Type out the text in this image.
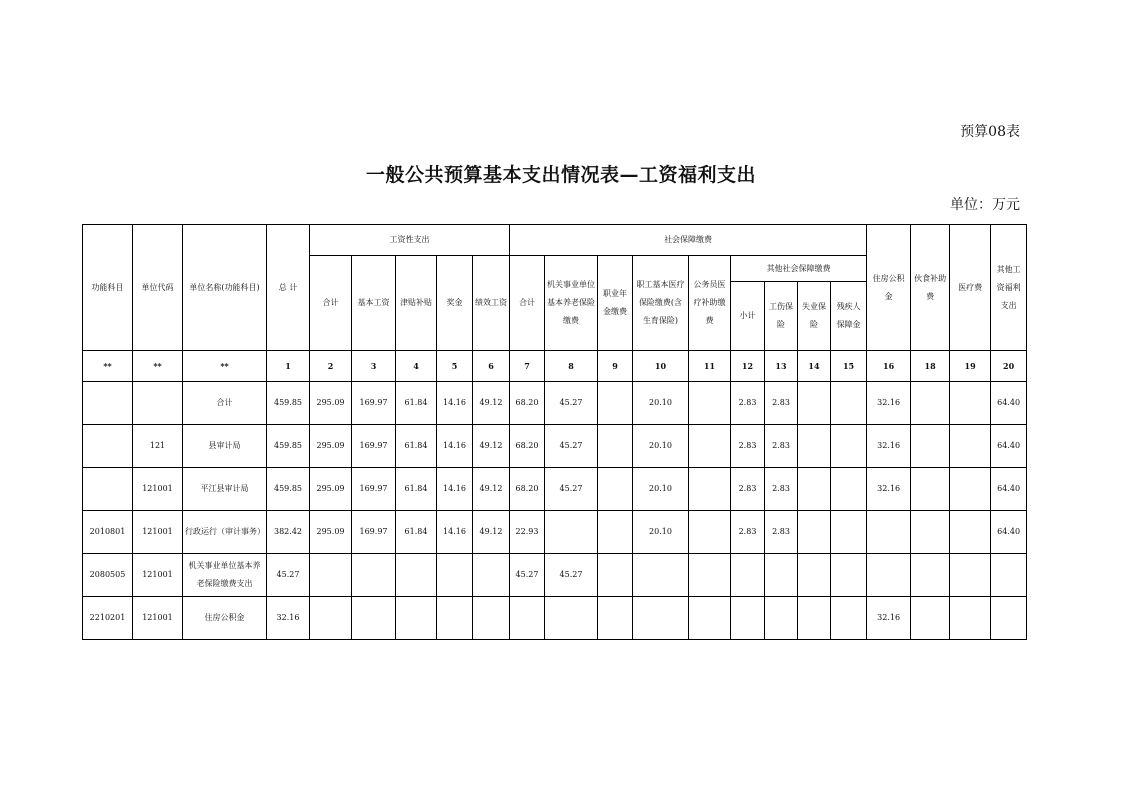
预算08表
一般公共预算基本支出情况表—工资福利支出
单位：万元
功能科目	单位代码	单位名称(功能科目)	总 计	工资性支出					社会保障缴费									住房公积金	伙食补助费	医疗费	其他工资福利支出
				合计	基本工资	津贴补贴	奖金	绩效工资	合计	机关事业单位基本养老保险缴费	职业年金缴费	职工基本医疗保险缴费(含生育保险)	公务员医疗补助缴费	其他社会保障缴费							
														小计	工伤保险	失业保险	残疾人保障金				
**	**	**	1	2	3	4	5	6	7	8	9	10	11	12	13	14	15	16	18	19	20
		合计	459.85	295.09	169.97	61.84	14.16	49.12	68.20	45.27		20.10		2.83	2.83			32.16			64.40
	121	县审计局	459.85	295.09	169.97	61.84	14.16	49.12	68.20	45.27		20.10		2.83	2.83			32.16			64.40
	121001	平江县审计局	459.85	295.09	169.97	61.84	14.16	49.12	68.20	45.27		20.10		2.83	2.83			32.16			64.40
2010801	121001	行政运行（审计事务）	382.42	295.09	169.97	61.84	14.16	49.12	22.93			20.10		2.83	2.83						64.40
2080505	121001	机关事业单位基本养老保险缴费支出	45.27						45.27	45.27											
2210201	121001	住房公积金	32.16															32.16			
